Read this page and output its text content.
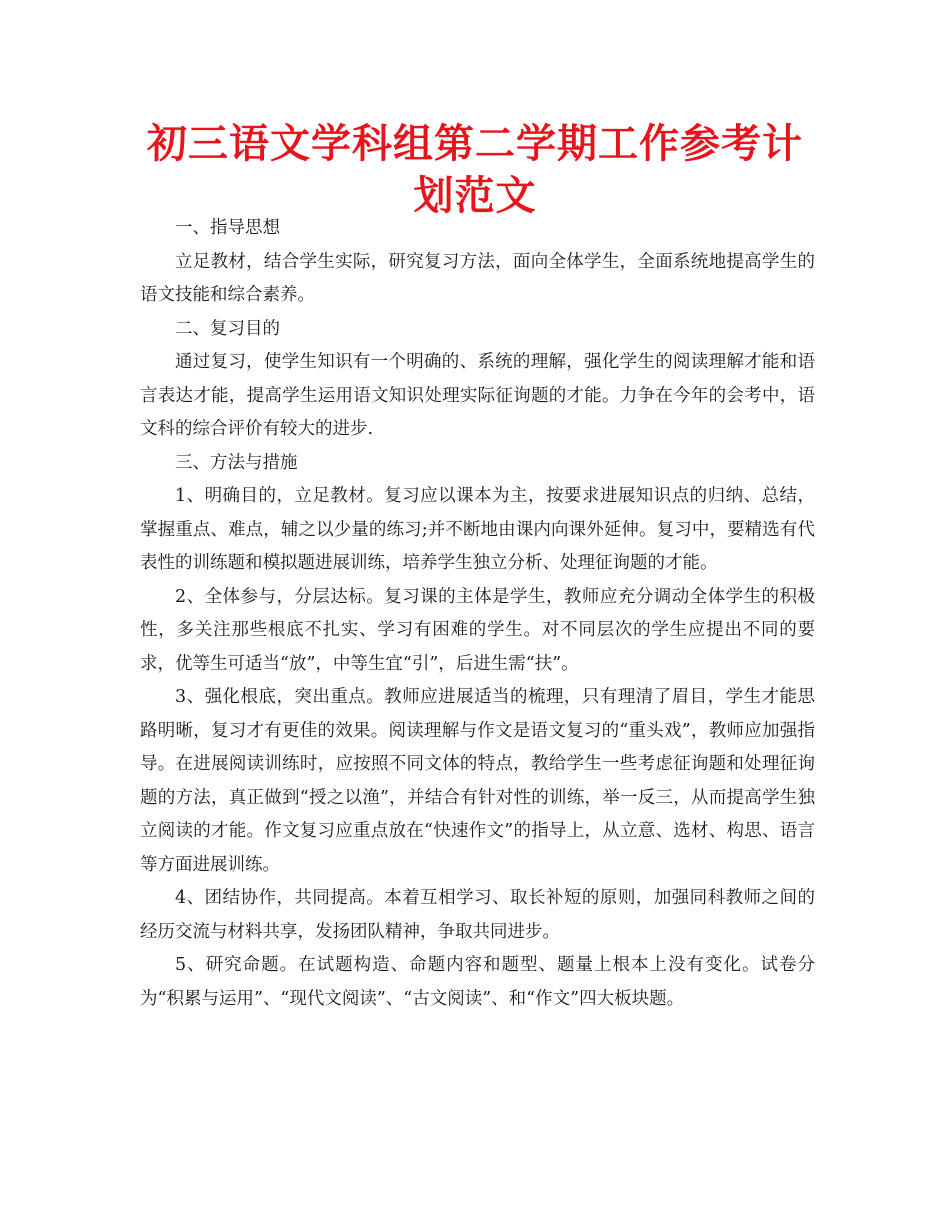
初三语文学科组第二学期工作参考计划范文

一、指导思想

立足教材，结合学生实际，研究复习方法，面向全体学生，全面系统地提高学生的语文技能和综合素养。

二、复习目的

通过复习，使学生知识有一个明确的、系统的理解，强化学生的阅读理解才能和语言表达才能，提高学生运用语文知识处理实际征询题的才能。力争在今年的会考中，语文科的综合评价有较大的进步.

三、方法与措施

1、明确目的，立足教材。复习应以课本为主，按要求进展知识点的归纳、总结，掌握重点、难点，辅之以少量的练习;并不断地由课内向课外延伸。复习中，要精选有代表性的训练题和模拟题进展训练，培养学生独立分析、处理征询题的才能。

2、全体参与，分层达标。复习课的主体是学生，教师应充分调动全体学生的积极性，多关注那些根底不扎实、学习有困难的学生。对不同层次的学生应提出不同的要求，优等生可适当“放”，中等生宜“引”，后进生需“扶”。

3、强化根底，突出重点。教师应进展适当的梳理，只有理清了眉目，学生才能思路明晰，复习才有更佳的效果。阅读理解与作文是语文复习的“重头戏”，教师应加强指导。在进展阅读训练时，应按照不同文体的特点，教给学生一些考虑征询题和处理征询题的方法，真正做到“授之以渔”，并结合有针对性的训练，举一反三，从而提高学生独立阅读的才能。作文复习应重点放在“快速作文”的指导上，从立意、选材、构思、语言等方面进展训练。

4、团结协作，共同提高。本着互相学习、取长补短的原则，加强同科教师之间的经历交流与材料共享，发扬团队精神，争取共同进步。

5、研究命题。在试题构造、命题内容和题型、题量上根本上没有变化。试卷分为“积累与运用”、“现代文阅读”、“古文阅读”、和“作文”四大板块题。
